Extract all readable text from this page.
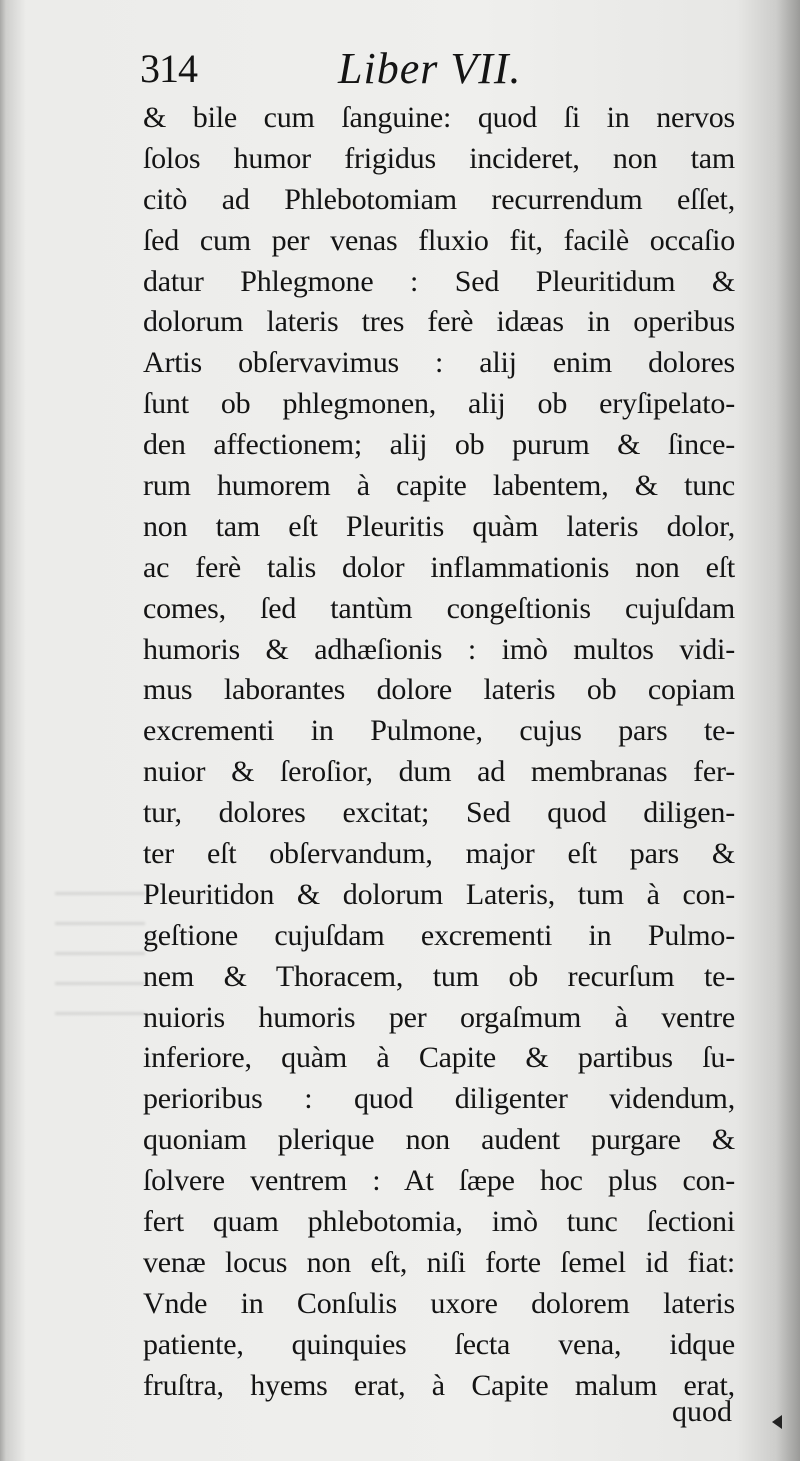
314	Liber VII.
& bile cum ſanguine: quod ſi in nervos
ſolos humor frigidus incideret, non tam
citò ad Phlebotomiam recurrendum eſſet,
ſed cum per venas fluxio fit, facilè occaſio
datur Phlegmone : Sed Pleuritidum &
dolorum lateris tres ferè idæas in operibus
Artis obſervavimus : alij enim dolores
ſunt ob phlegmonen, alij ob eryſipelato-
den affectionem; alij ob purum & ſince-
rum humorem à capite labentem, & tunc
non tam eſt Pleuritis quàm lateris dolor,
ac ferè talis dolor inflammationis non eſt
comes, ſed tantùm congeſtionis cujuſdam
humoris & adhæſionis : imò multos vidi-
mus laborantes dolore lateris ob copiam
excrementi in Pulmone, cujus pars te-
nuior & ſeroſior, dum ad membranas fer-
tur, dolores excitat; Sed quod diligen-
ter eſt obſervandum, major eſt pars &
Pleuritidon & dolorum Lateris, tum à con-
geſtione cujuſdam excrementi in Pulmo-
nem & Thoracem, tum ob recurſum te-
nuioris humoris per orgaſmum à ventre
inferiore, quàm à Capite & partibus ſu-
perioribus : quod diligenter videndum,
quoniam plerique non audent purgare &
ſolvere ventrem : At ſæpe hoc plus con-
fert quam phlebotomia, imò tunc ſectioni
venæ locus non eſt, niſi forte ſemel id fiat:
Vnde in Conſulis uxore dolorem lateris
patiente, quinquies ſecta vena, idque
fruſtra, hyems erat, à Capite malum erat,
quod
